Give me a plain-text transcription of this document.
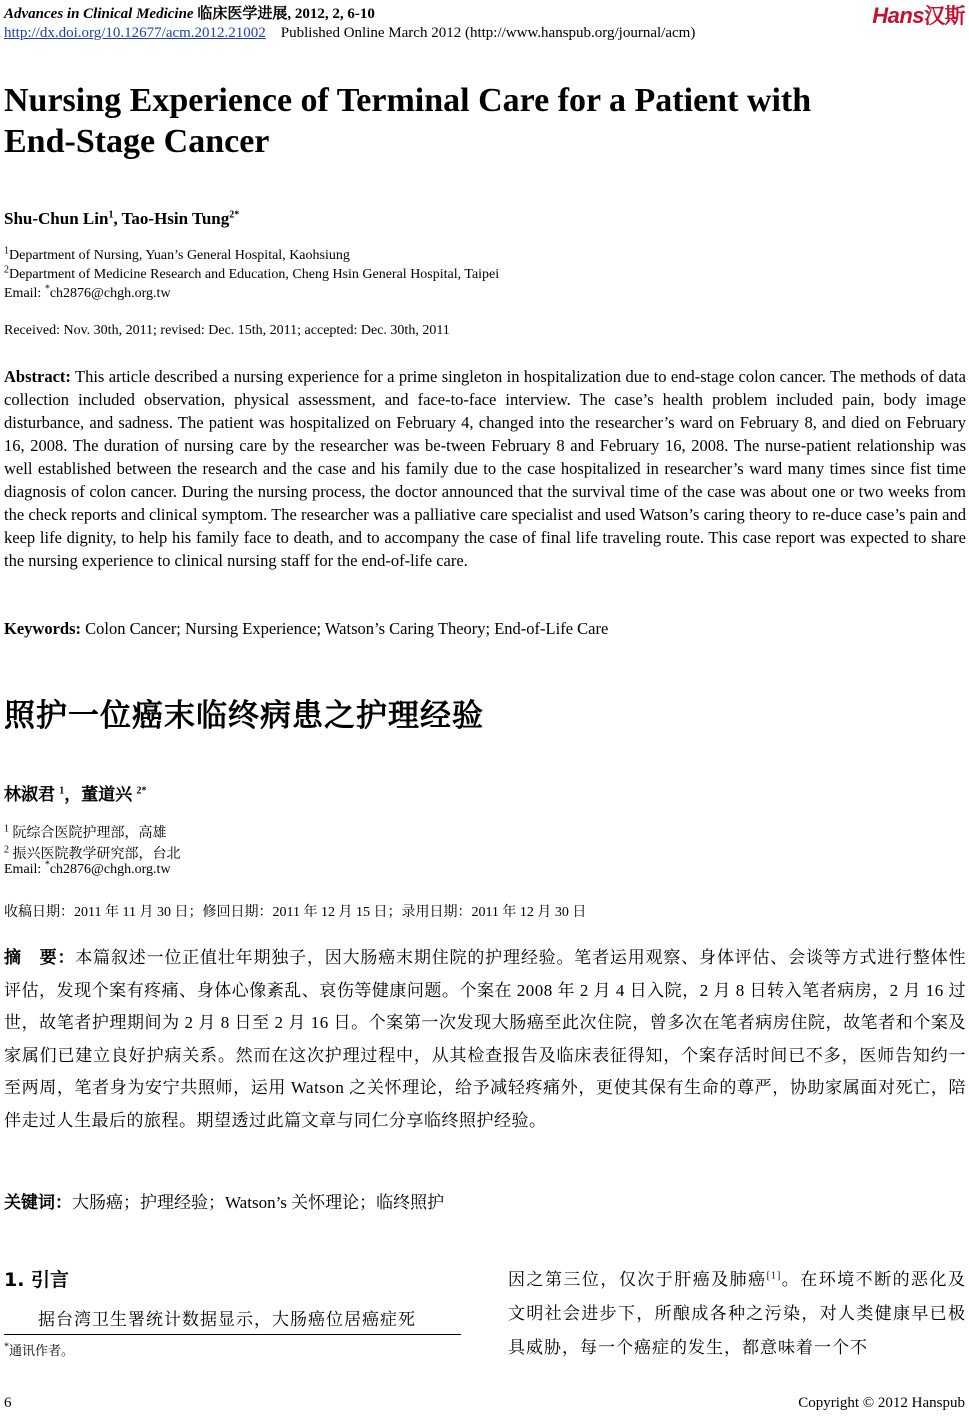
Advances in Clinical Medicine 临床医学进展, 2012, 2, 6-10
http://dx.doi.org/10.12677/acm.2012.21002 Published Online March 2012 (http://www.hanspub.org/journal/acm)
Hans汉斯
Nursing Experience of Terminal Care for a Patient with
End-Stage Cancer
Shu-Chun Lin$^1$, Tao-Hsin Tung$^{2*}$
$^1$Department of Nursing, Yuan’s General Hospital, Kaohsiung
$^2$Department of Medicine Research and Education, Cheng Hsin General Hospital, Taipei
Email: *ch2876@chgh.org.tw
Received: Nov. 30th, 2011; revised: Dec. 15th, 2011; accepted: Dec. 30th, 2011
Abstract: This article described a nursing experience for a prime singleton in hospitalization due to end-stage colon cancer. The methods of data collection included observation, physical assessment, and face-to-face interview. The case’s health problem included pain, body image disturbance, and sadness. The patient was hospitalized on February 4, changed into the researcher’s ward on February 8, and died on February 16, 2008. The duration of nursing care by the researcher was be-tween February 8 and February 16, 2008. The nurse-patient relationship was well established between the research and the case and his family due to the case hospitalized in researcher’s ward many times since fist time diagnosis of colon cancer. During the nursing process, the doctor announced that the survival time of the case was about one or two weeks from the check reports and clinical symptom. The researcher was a palliative care specialist and used Watson’s caring theory to re-duce case’s pain and keep life dignity, to help his family face to death, and to accompany the case of final life traveling route. This case report was expected to share the nursing experience to clinical nursing staff for the end-of-life care.
Keywords: Colon Cancer; Nursing Experience; Watson’s Caring Theory; End-of-Life Care
照护一位癌末临终病患之护理经验
林淑君 $^1$，董道兴 $^{2*}$
$^1$ 阮综合医院护理部，高雄
$^2$ 振兴医院教学研究部，台北
Email: *ch2876@chgh.org.tw
收稿日期：2011 年 11 月 30 日；修回日期：2011 年 12 月 15 日；录用日期：2011 年 12 月 30 日
摘　要：本篇叙述一位正值壮年期独子，因大肠癌末期住院的护理经验。笔者运用观察、身体评估、会谈等方式进行整体性评估，发现个案有疼痛、身体心像紊乱、哀伤等健康问题。个案在 2008 年 2 月 4 日入院，2 月 8 日转入笔者病房，2 月 16 过世，故笔者护理期间为 2 月 8 日至 2 月 16 日。个案第一次发现大肠癌至此次住院，曾多次在笔者病房住院，故笔者和个案及家属们已建立良好护病关系。然而在这次护理过程中，从其检查报告及临床表征得知，个案存活时间已不多，医师告知约一至两周，笔者身为安宁共照师，运用 Watson 之关怀理论，给予减轻疼痛外，更使其保有生命的尊严，协助家属面对死亡，陪伴走过人生最后的旅程。期望透过此篇文章与同仁分享临终照护经验。
关键词：大肠癌；护理经验；Watson’s 关怀理论；临终照护
1. 引言
据台湾卫生署统计数据显示，大肠癌位居癌症死
*通讯作者。
因之第三位，仅次于肝癌及肺癌[1]。在环境不断的恶化及文明社会进步下，所酿成各种之污染，对人类健康早已极具威胁，每一个癌症的发生，都意味着一个不
6	Copyright © 2012 Hanspub
